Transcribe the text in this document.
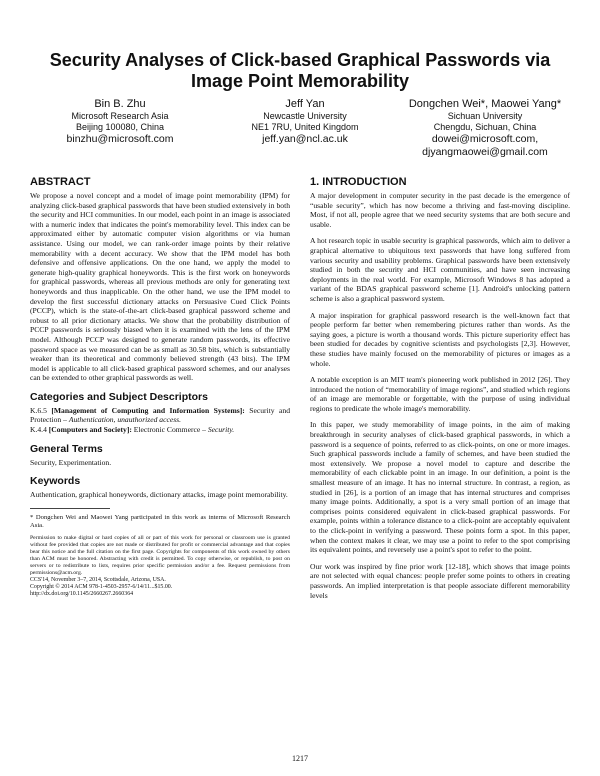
Security Analyses of Click-based Graphical Passwords via Image Point Memorability
Bin B. Zhu
Microsoft Research Asia
Beijing 100080, China
binzhu@microsoft.com
Jeff Yan
Newcastle University
NE1 7RU, United Kingdom
jeff.yan@ncl.ac.uk
Dongchen Wei*, Maowei Yang*
Sichuan University
Chengdu, Sichuan, China
dowei@microsoft.com,
djyangmaowei@gmail.com
ABSTRACT

We propose a novel concept and a model of image point memorability (IPM) for analyzing click-based graphical passwords that have been studied extensively in both the security and HCI communities. In our model, each point in an image is associated with a numeric index that indicates the point's memorability level. This index can be approximated either by automatic computer vision algorithms or via human assistance. Using our model, we can rank-order image points by their relative memorability with a decent accuracy. We show that the IPM model has both defensive and offensive applications. On the one hand, we apply the model to generate high-quality graphical honeywords. This is the first work on honeywords for graphical passwords, whereas all previous methods are only for generating text honeywords and thus inapplicable. On the other hand, we use the IPM model to develop the first successful dictionary attacks on Persuasive Cued Click Points (PCCP), which is the state-of-the-art click-based graphical password scheme and robust to all prior dictionary attacks. We show that the probability distribution of PCCP passwords is seriously biased when it is examined with the lens of the IPM model. Although PCCP was designed to generate random passwords, its effective password space as we measured can be as small as 30.58 bits, which is substantially weaker than its theoretical and commonly believed strength (43 bits). The IPM model is applicable to all click-based graphical password schemes, and our analyses can be extended to other graphical passwords as well.

Categories and Subject Descriptors

K.6.5 [Management of Computing and Information Systems]: Security and Protection – Authentication, unauthorized access.

K.4.4 [Computers and Society]: Electronic Commerce – Security.

General Terms

Security, Experimentation.

Keywords

Authentication, graphical honeywords, dictionary attacks, image point memorability.

* Dongchen Wei and Maowei Yang participated in this work as interns of Microsoft Research Asia.

Permission to make digital or hard copies of all or part of this work for personal or classroom use is granted without fee provided that copies are not made or distributed for profit or commercial advantage and that copies bear this notice and the full citation on the first page. Copyrights for components of this work owned by others than ACM must be honored. Abstracting with credit is permitted. To copy otherwise, or republish, to post on servers or to redistribute to lists, requires prior specific permission and/or a fee. Request permissions from permissions@acm.org.

CCS'14, November 3–7, 2014, Scottsdale, Arizona, USA.

Copyright © 2014 ACM 978-1-4503-2957-6/14/11...$15.00.

http://dx.doi.org/10.1145/2660267.2660364

1. INTRODUCTION

A major development in computer security in the past decade is the emergence of “usable security”, which has now become a thriving and fast-moving discipline. Most, if not all, people agree that we need security systems that are both secure and usable.

A hot research topic in usable security is graphical passwords, which aim to deliver a graphical alternative to ubiquitous text passwords that have long suffered from various security and usability problems. Graphical passwords have been extensively studied in both the security and HCI communities, and have seen increasing deployments in the real world. For example, Microsoft Windows 8 has adopted a variant of the BDAS graphical password scheme [1]. Android's unlocking pattern scheme is also a graphical password system.

A major inspiration for graphical password research is the well-known fact that people perform far better when remembering pictures rather than words. As the saying goes, a picture is worth a thousand words. This picture superiority effect has been studied for decades by cognitive scientists and psychologists [2,3]. However, these studies have mainly focused on the memorability of pictures or images as a whole.

A notable exception is an MIT team's pioneering work published in 2012 [26]. They introduced the notion of “memorability of image regions”, and studied which regions of an image are memorable or forgettable, with the purpose of using individual regions to predicate the whole image's memorability.

In this paper, we study memorability of image points, in the aim of making breakthrough in security analyses of click-based graphical passwords, in which a password is a sequence of points, referred to as click-points, on one or more images. Such graphical passwords include a family of schemes, and have been studied the most extensively. We propose a novel model to capture and describe the memorability of each clickable point in an image. In our definition, a point is the smallest measure of an image. It has no internal structure. In contrast, a region, as studied in [26], is a portion of an image that has internal structures and comprises many image points. Additionally, a spot is a very small portion of an image that comprises points considered equivalent in click-based graphical passwords. For example, points within a tolerance distance to a click-point are acceptably equivalent to the click-point in verifying a password. These points form a spot. In this paper, when the context makes it clear, we may use a point to refer to the spot comprising its equivalent points, and reversely use a point's spot to refer to the point.

Our work was inspired by fine prior work [12-18], which shows that image points are not selected with equal chances: people prefer some points to others in creating passwords. An implied interpretation is that people associate different memorability levels

1217
